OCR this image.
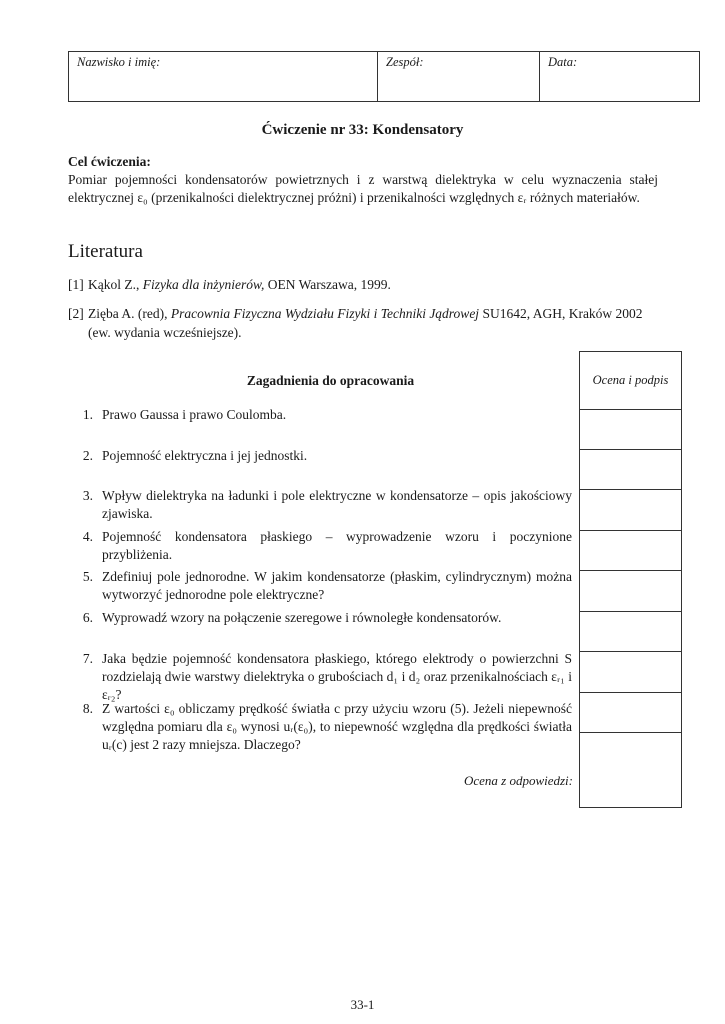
Nazwisko i imię:	Zespół:	Data:
Ćwiczenie nr 33: Kondensatory
Cel ćwiczenia:
Pomiar pojemności kondensatorów powietrznych i z warstwą dielektryka w celu wyznaczenia stałej elektrycznej ε₀ (przenikalności dielektrycznej próżni) i przenikalności względnych εᵣ różnych materiałów.
Literatura
[1] Kąkol Z., Fizyka dla inżynierów, OEN Warszawa, 1999.
[2] Zięba A. (red), Pracownia Fizyczna Wydziału Fizyki i Techniki Jądrowej SU1642, AGH, Kraków 2002 (ew. wydania wcześniejsze).
Ocena i podpis
Zagadnienia do opracowania
1. Prawo Gaussa i prawo Coulomba.
2. Pojemność elektryczna i jej jednostki.
3. Wpływ dielektryka na ładunki i pole elektryczne w kondensatorze – opis jakościowy zjawiska.
4. Pojemność kondensatora płaskiego – wyprowadzenie wzoru i poczynione przybliżenia.
5. Zdefiniuj pole jednorodne. W jakim kondensatorze (płaskim, cylindrycznym) można wytworzyć jednorodne pole elektryczne?
6. Wyprowadź wzory na połączenie szeregowe i równoległe kondensatorów.
7. Jaka będzie pojemność kondensatora płaskiego, którego elektrody o powierzchni S rozdzielają dwie warstwy dielektryka o grubościach d₁ i d₂ oraz przenikalnościach εᵣ₁ i εᵣ₂?
8. Z wartości ε₀ obliczamy prędkość światła c przy użyciu wzoru (5). Jeżeli niepewność względna pomiaru dla ε₀ wynosi uᵣ(ε₀), to niepewność względna dla prędkości światła uᵣ(c) jest 2 razy mniejsza. Dlaczego?
Ocena z odpowiedzi:
33-1
